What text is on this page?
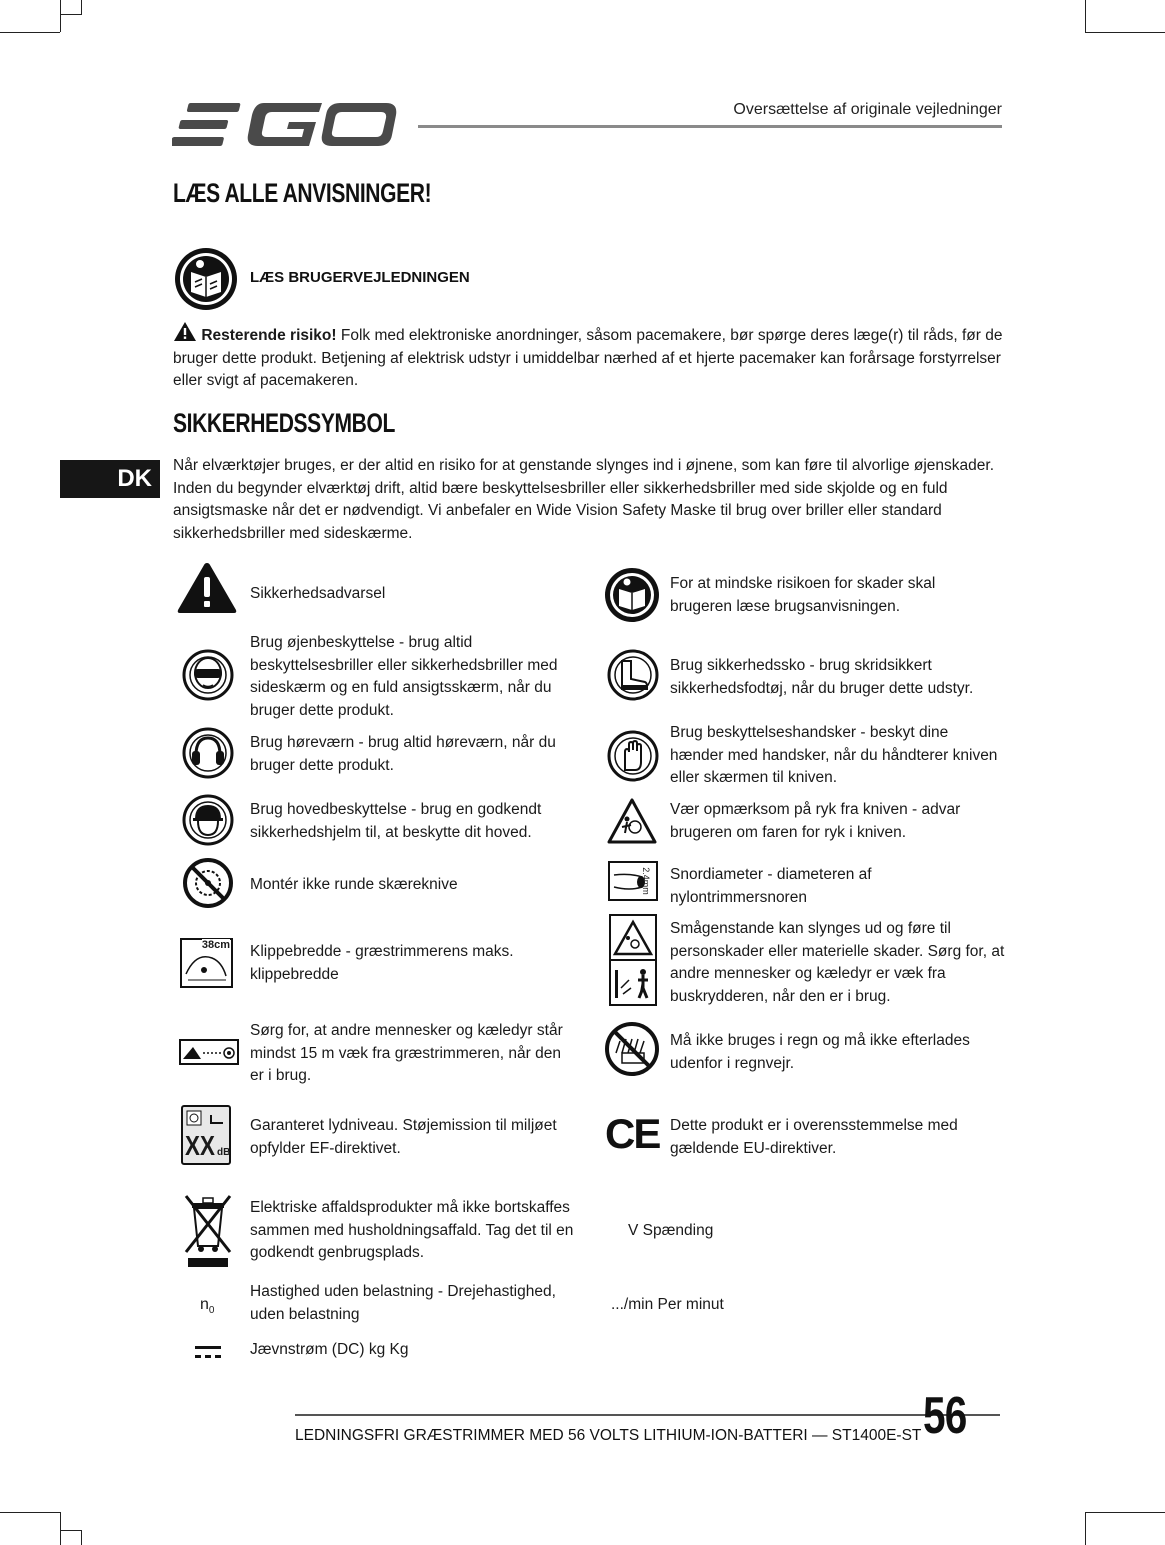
Oversættelse af originale vejledninger
LÆS ALLE ANVISNINGER!
LÆS BRUGERVEJLEDNINGEN
Resterende risiko! Folk med elektroniske anordninger, såsom pacemakere, bør spørge deres læge(r) til råds, før de bruger dette produkt. Betjening af elektrisk udstyr i umiddelbar nærhed af et hjerte pacemaker kan forårsage forstyrrelser eller svigt af pacemakeren.
SIKKERHEDSSYMBOL
DK	Når elværktøjer bruges, er der altid en risiko for at genstande slynges ind i øjnene, som kan føre til alvorlige øjenskader. Inden du begynder elværktøj drift, altid bære beskyttelsesbriller eller sikkerhedsbriller med side skjolde og en fuld ansigtsmaske når det er nødvendigt. Vi anbefaler en Wide Vision Safety Maske til brug over briller eller standard sikkerhedsbriller med sideskærme.
38cm
XX dB
$n_0$
Sikkerhedsadvarsel
Brug øjenbeskyttelse - brug altid beskyttelsesbriller eller sikkerhedsbriller med sideskærm og en fuld ansigtsskærm, når du bruger dette produkt.
Brug høreværn - brug altid høreværn, når du bruger dette produkt.
Brug hovedbeskyttelse - brug en godkendt sikkerhedshjelm til, at beskytte dit hoved.
Montér ikke runde skæreknive
Klippebredde - græstrimmerens maks. klippebredde
Sørg for, at andre mennesker og kæledyr står mindst 15 m væk fra græstrimmeren, når den er i brug.
Garanteret lydniveau. Støjemission til miljøet opfylder EF-direktivet.
Elektriske affaldsprodukter må ikke bortskaffes sammen med husholdningsaffald. Tag det til en godkendt genbrugsplads.
Hastighed uden belastning - Drejehastighed, uden belastning
Jævnstrøm (DC) kg Kg
2.4mm
CE
For at mindske risikoen for skader skal brugeren læse brugsanvisningen.
Brug sikkerhedssko - brug skridsikkert sikkerhedsfodtøj, når du bruger dette udstyr.
Brug beskyttelseshandsker - beskyt dine hænder med handsker, når du håndterer kniven eller skærmen til kniven.
Vær opmærksom på ryk fra kniven - advar brugeren om faren for ryk i kniven.
Snordiameter - diameteren af nylontrimmersnoren
Smågenstande kan slynges ud og føre til personskader eller materielle skader. Sørg for, at andre mennesker og kæledyr er væk fra buskrydderen, når den er i brug.
Må ikke bruges i regn og må ikke efterlades udenfor i regnvejr.
Dette produkt er i overensstemmelse med gældende EU-direktiver.
V Spænding
.../min Per minut
LEDNINGSFRI GRÆSTRIMMER MED 56 VOLTS LITHIUM-ION-BATTERI — ST1400E-ST 56
